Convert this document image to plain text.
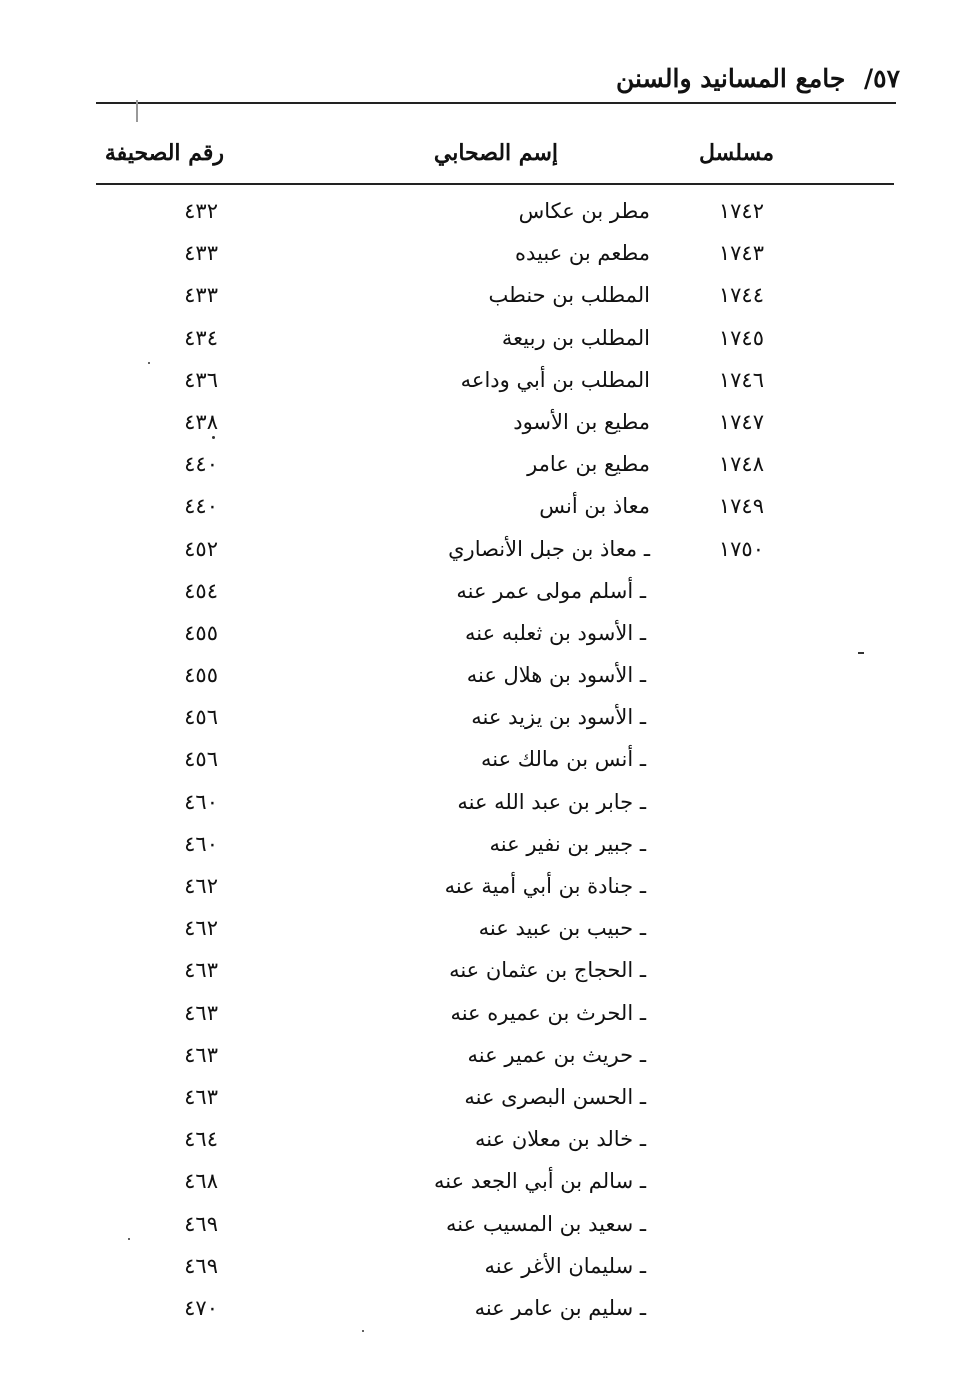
٥٧/ جامع المسانيد والسنن
مسلسل
إسم الصحابي
رقم الصحيفة
١٧٤٢
مطر بن عكاس
٤٣٢
١٧٤٣
مطعم بن عبيده
٤٣٣
١٧٤٤
المطلب بن حنطب
٤٣٣
١٧٤٥
المطلب بن ربيعة
٤٣٤
١٧٤٦
المطلب بن أبي وداعه
٤٣٦
١٧٤٧
مطيع بن الأسود
٤٣٨
١٧٤٨
مطيع بن عامر
٤٤٠
١٧٤٩
معاذ بن أنس
٤٤٠
١٧٥٠
ـ معاذ بن جبل الأنصاري
٤٥٢
ـ أسلم مولى عمر عنه
٤٥٤
ـ الأسود بن ثعلبه عنه
٤٥٥
ـ الأسود بن هلال عنه
٤٥٥
ـ الأسود بن يزيد عنه
٤٥٦
ـ أنس بن مالك عنه
٤٥٦
ـ جابر بن عبد الله عنه
٤٦٠
ـ جبير بن نفير عنه
٤٦٠
ـ جنادة بن أبي أمية عنه
٤٦٢
ـ حبيب بن عبيد عنه
٤٦٢
ـ الحجاج بن عثمان عنه
٤٦٣
ـ الحرث بن عميره عنه
٤٦٣
ـ حريث بن عمير عنه
٤٦٣
ـ الحسن البصرى عنه
٤٦٣
ـ خالد بن معلان عنه
٤٦٤
ـ سالم بن أبي الجعد عنه
٤٦٨
ـ سعيد بن المسيب عنه
٤٦٩
ـ سليمان الأغر عنه
٤٦٩
ـ سليم بن عامر عنه
٤٧٠
